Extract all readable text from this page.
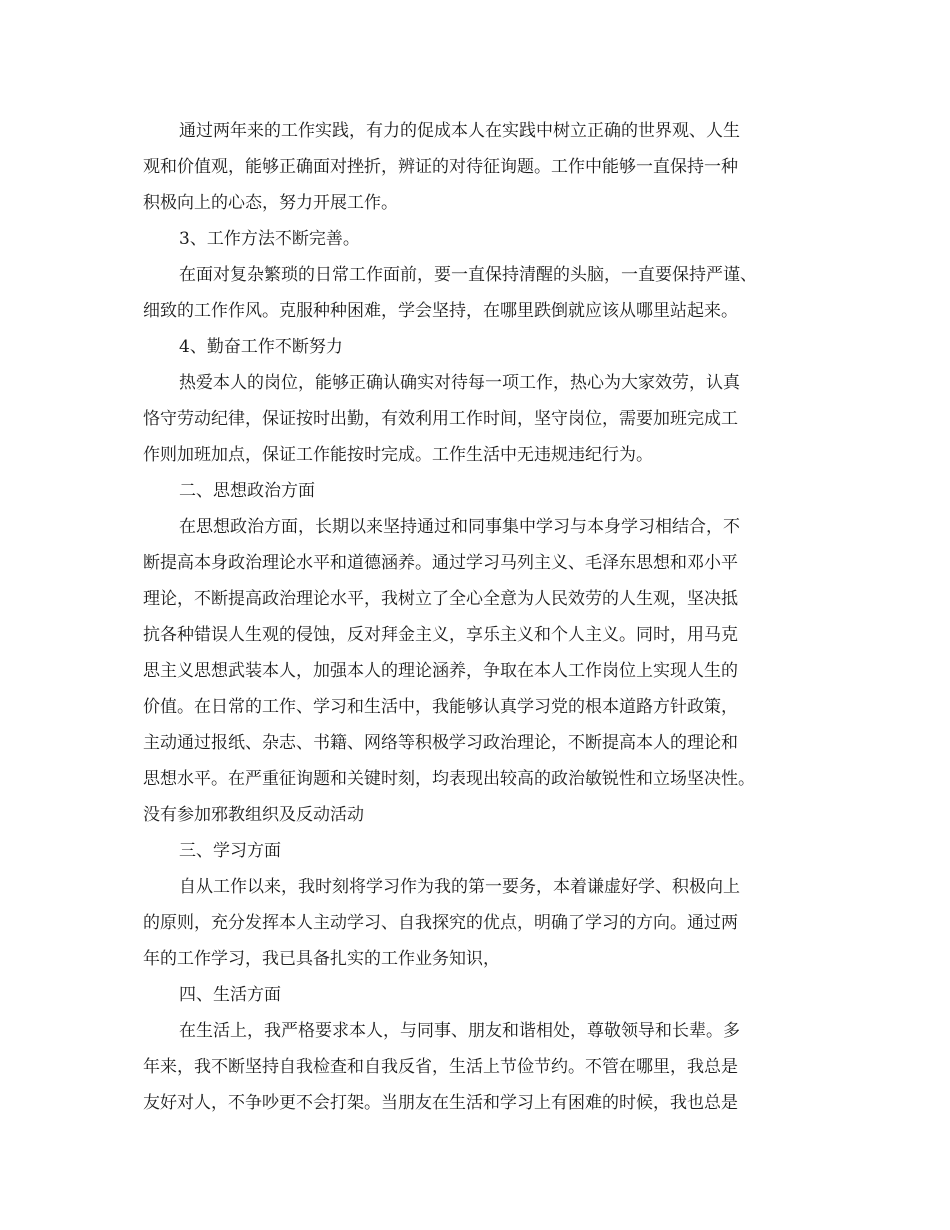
通过两年来的工作实践，有力的促成本人在实践中树立正确的世界观、人生
观和价值观，能够正确面对挫折，辨证的对待征询题。工作中能够一直保持一种
积极向上的心态，努力开展工作。
3、工作方法不断完善。
在面对复杂繁琐的日常工作面前，要一直保持清醒的头脑，一直要保持严谨、
细致的工作作风。克服种种困难，学会坚持，在哪里跌倒就应该从哪里站起来。
4、勤奋工作不断努力
热爱本人的岗位，能够正确认确实对待每一项工作，热心为大家效劳，认真
恪守劳动纪律，保证按时出勤，有效利用工作时间，坚守岗位，需要加班完成工
作则加班加点，保证工作能按时完成。工作生活中无违规违纪行为。
二、思想政治方面
在思想政治方面，长期以来坚持通过和同事集中学习与本身学习相结合，不
断提高本身政治理论水平和道德涵养。通过学习马列主义、毛泽东思想和邓小平
理论，不断提高政治理论水平，我树立了全心全意为人民效劳的人生观，坚决抵
抗各种错误人生观的侵蚀，反对拜金主义，享乐主义和个人主义。同时，用马克
思主义思想武装本人，加强本人的理论涵养，争取在本人工作岗位上实现人生的
价值。在日常的工作、学习和生活中，我能够认真学习党的根本道路方针政策，
主动通过报纸、杂志、书籍、网络等积极学习政治理论，不断提高本人的理论和
思想水平。在严重征询题和关键时刻，均表现出较高的政治敏锐性和立场坚决性。
没有参加邪教组织及反动活动
三、学习方面
自从工作以来，我时刻将学习作为我的第一要务，本着谦虚好学、积极向上
的原则，充分发挥本人主动学习、自我探究的优点，明确了学习的方向。通过两
年的工作学习，我已具备扎实的工作业务知识，
四、生活方面
在生活上，我严格要求本人，与同事、朋友和谐相处，尊敬领导和长辈。多
年来，我不断坚持自我检查和自我反省，生活上节俭节约。不管在哪里，我总是
友好对人，不争吵更不会打架。当朋友在生活和学习上有困难的时候，我也总是
